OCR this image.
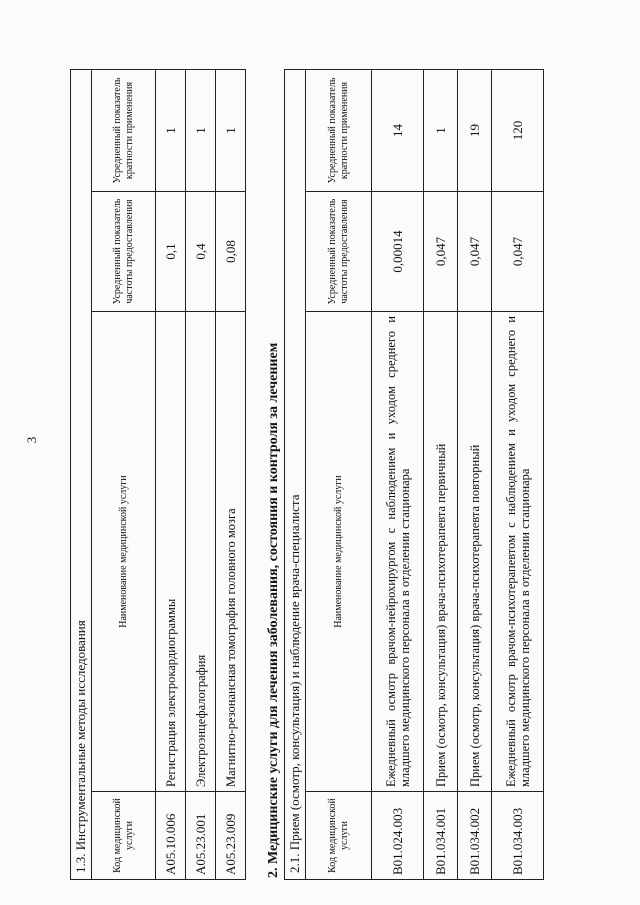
3
1.3. Инструментальные методы исследования			
Код медицинской услуги	Наименование медицинской услуги	Усредненный показатель частоты предоставления	Усредненный показатель кратности применения
A05.10.006	Регистрация электрокардиограммы	0,1	1
A05.23.001	Электроэнцефалография	0,4	1
A05.23.009	Магнитно-резонансная томография головного мозга	0,08	1
2. Медицинские услуги для лечения заболевания, состояния и контроля за лечением 2.1. Прием (осмотр, консультация) и наблюдение врача-специалиста			
Код медицинской услуги	Наименование медицинской услуги	Усредненный показатель частоты предоставления	Усредненный показатель кратности применения
B01.024.003	Ежедневный осмотр врачом-нейрохирургом с наблюдением и уходом среднего и младшего медицинского персонала в отделении стационара	0,00014	14
B01.034.001	Прием (осмотр, консультация) врача-психотерапевта первичный	0,047	1
B01.034.002	Прием (осмотр, консультация) врача-психотерапевта повторный	0,047	19
B01.034.003	Ежедневный осмотр врачом-психотерапевтом с наблюдением и уходом среднего и младшего медицинского персонала в отделении стационара	0,047	120
